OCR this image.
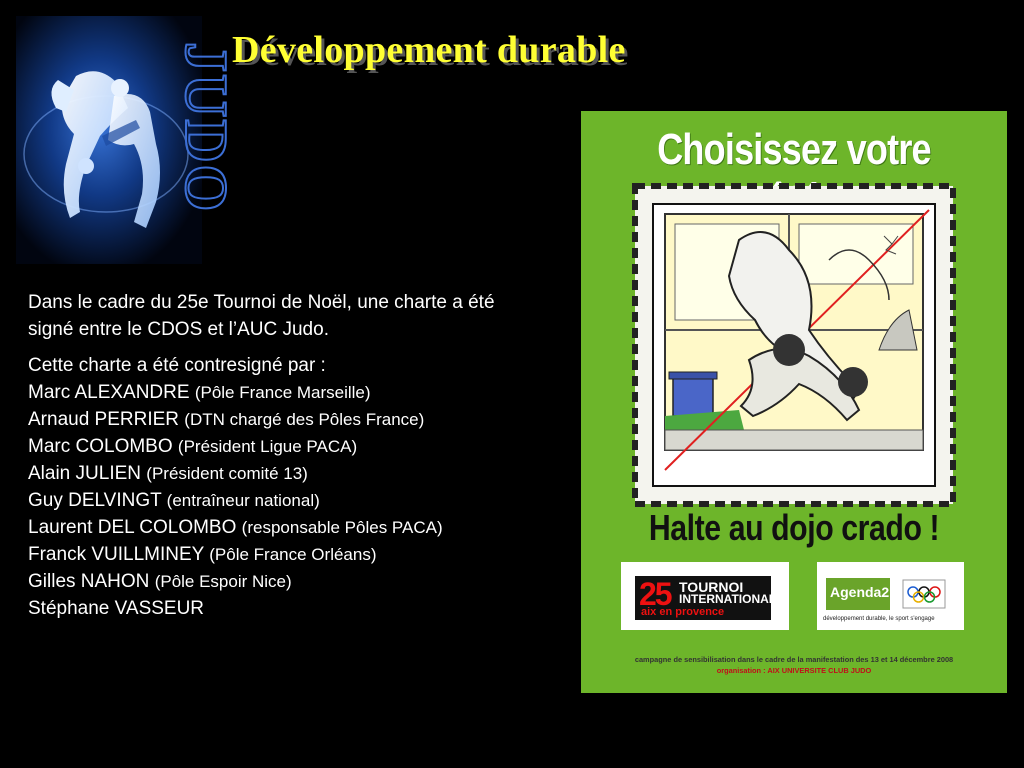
JUDO
Développement durable

Dans le cadre du 25e Tournoi de Noël, une charte a été signé entre le CDOS et l’AUC Judo.

Cette charte a été contresigné par :

Marc ALEXANDRE (Pôle France Marseille)
Arnaud PERRIER (DTN chargé des Pôles France)
Marc COLOMBO (Président Ligue PACA)
Alain JULIEN (Président comité 13)
Guy DELVINGT (entraîneur national)
Laurent DEL COLOMBO (responsable Pôles PACA)
Franck VUILLMINEY (Pôle France Orléans)
Gilles NAHON (Pôle Espoir Nice)
Stéphane VASSEUR
Choisissez votre
Halte au dojo crado !
25 TOURNOI
INTERNATIONAL
aix en provence
Agenda21
développement durable, le sport s'engage
campagne de sensibilisation dans le cadre de la manifestation des 13 et 14 décembre 2008
organisation : AIX UNIVERSITE CLUB JUDO
